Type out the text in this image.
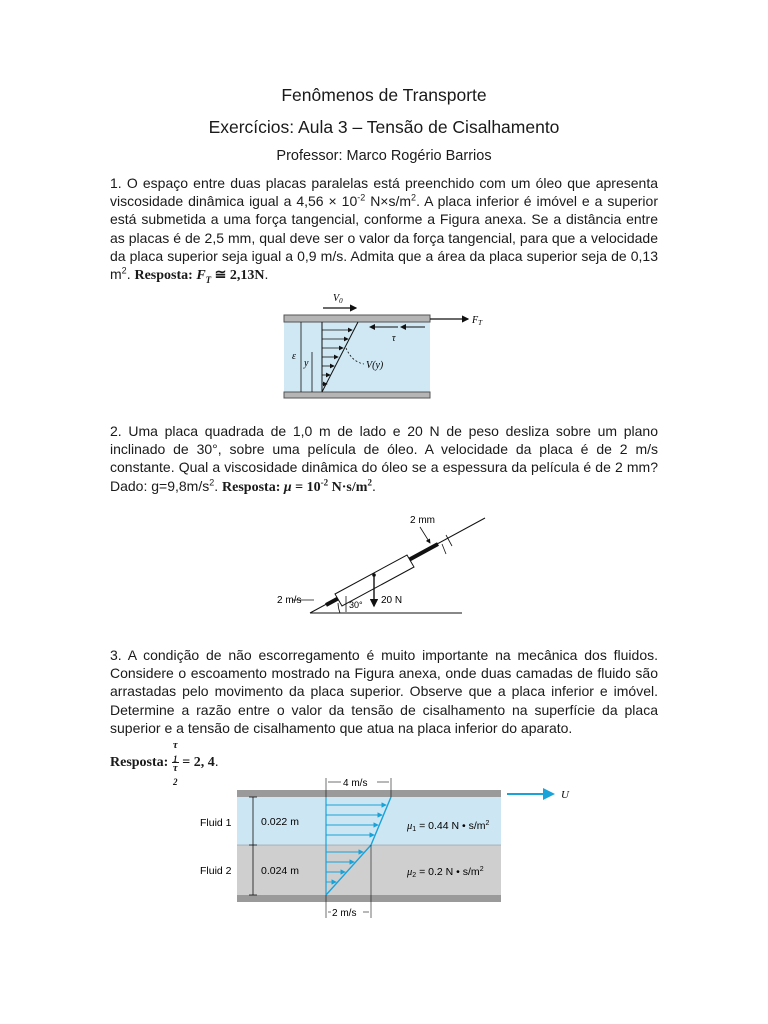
Fenômenos de Transporte
Exercícios: Aula 3 – Tensão de Cisalhamento
Professor: Marco Rogério Barrios

1. O espaço entre duas placas paralelas está preenchido com um óleo que apresenta viscosidade dinâmica igual a $4,56 \times 10^{-2}$ $N\times s/m^2$. A placa inferior é imóvel e a superior está submetida a uma força tangencial, conforme a Figura anexa. Se a distância entre as placas é de 2,5 mm, qual deve ser o valor da força tangencial, para que a velocidade da placa superior seja igual a 0,9 m/s. Admita que a área da placa superior seja de 0,13 $m^2$. Resposta: $F_T$ ≅ 2,13N.

$V_0$
$F_T$
τ
V(y)
ε
y

2. Uma placa quadrada de 1,0 m de lado e 20 N de peso desliza sobre um plano inclinado de 30°, sobre uma película de óleo. A velocidade da placa é de 2 m/s constante. Qual a viscosidade dinâmica do óleo se a espessura da película é de 2 mm? Dado: $g=9,8m/s^2$. Resposta: $\mu = 10^{-2}$ $N\cdot s/m^2$.

2 mm
2 m/s	20 N
30°

3. A condição de não escorregamento é muito importante na mecânica dos fluidos. Considere o escoamento mostrado na Figura anexa, onde duas camadas de fluido são arrastadas pelo movimento da placa superior. Observe que a placa inferior e imóvel. Determine a razão entre o valor da tensão de cisalhamento na superfície da placa superior e a tensão de cisalhamento que atua na placa inferior do aparato.

Resposta: τ
$_1$
τ
$_2$ = 2, 4.
0.022 m
0.024 m
Fluid 1
Fluid 2
4 m/s
2 m/s
U
μ1 = 0.44 N • $s/m^2$
μ2 = 0.2 N • $s/m^2$
